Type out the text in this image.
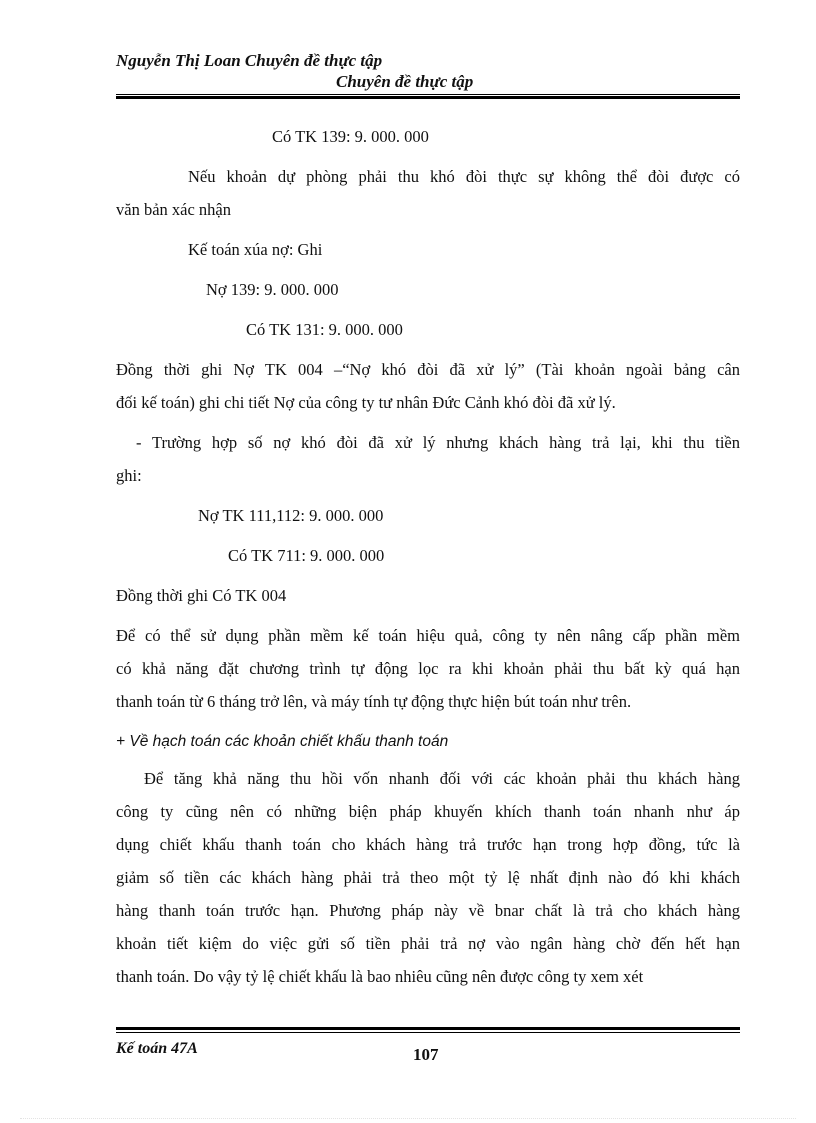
Nguyễn Thị Loan Chuyên đề thực tập
Chuyên đề thực tập
Có TK 139: 9. 000. 000
Nếu khoản dự phòng phải thu khó đòi thực sự không thể đòi được có
văn bản xác nhận
Kế toán xúa nợ: Ghi
Nợ 139: 9. 000. 000
Có TK 131: 9. 000. 000
Đồng thời ghi Nợ TK 004 –“Nợ khó đòi đã xử lý” (Tài khoản ngoài bảng cân
đối kế toán) ghi chi tiết Nợ của công ty tư nhân Đức Cảnh khó đòi đã xử lý.
- Trường hợp số nợ khó đòi đã xử lý nhưng khách hàng trả lại, khi thu tiền
ghi:
Nợ TK 111,112: 9. 000. 000
Có TK 711: 9. 000. 000
Đồng thời ghi Có TK 004
Để có thể sử dụng phần mềm kế toán hiệu quả, công ty nên nâng cấp phần mềm
có khả năng đặt chương trình tự động lọc ra khi khoản phải thu bất kỳ quá hạn
thanh toán từ 6 tháng trở lên, và máy tính tự động thực hiện bút toán như trên.
+ Về hạch toán các khoản chiết khấu thanh toán
Để tăng khả năng thu hồi vốn nhanh đối với các khoản phải thu khách hàng
công ty cũng nên có những biện pháp khuyến khích thanh toán nhanh như áp
dụng chiết khấu thanh toán cho khách hàng trả trước hạn trong hợp đồng, tức là
giảm số tiền các khách hàng phải trả theo một tỷ lệ nhất định nào đó khi khách
hàng thanh toán trước hạn. Phương pháp này về bnar chất là trả cho khách hàng
khoản tiết kiệm do việc gửi số tiền phải trả nợ vào ngân hàng chờ đến hết hạn
thanh toán. Do vậy tỷ lệ chiết khấu là bao nhiêu cũng nên được công ty xem xét
Kế toán 47A	107
